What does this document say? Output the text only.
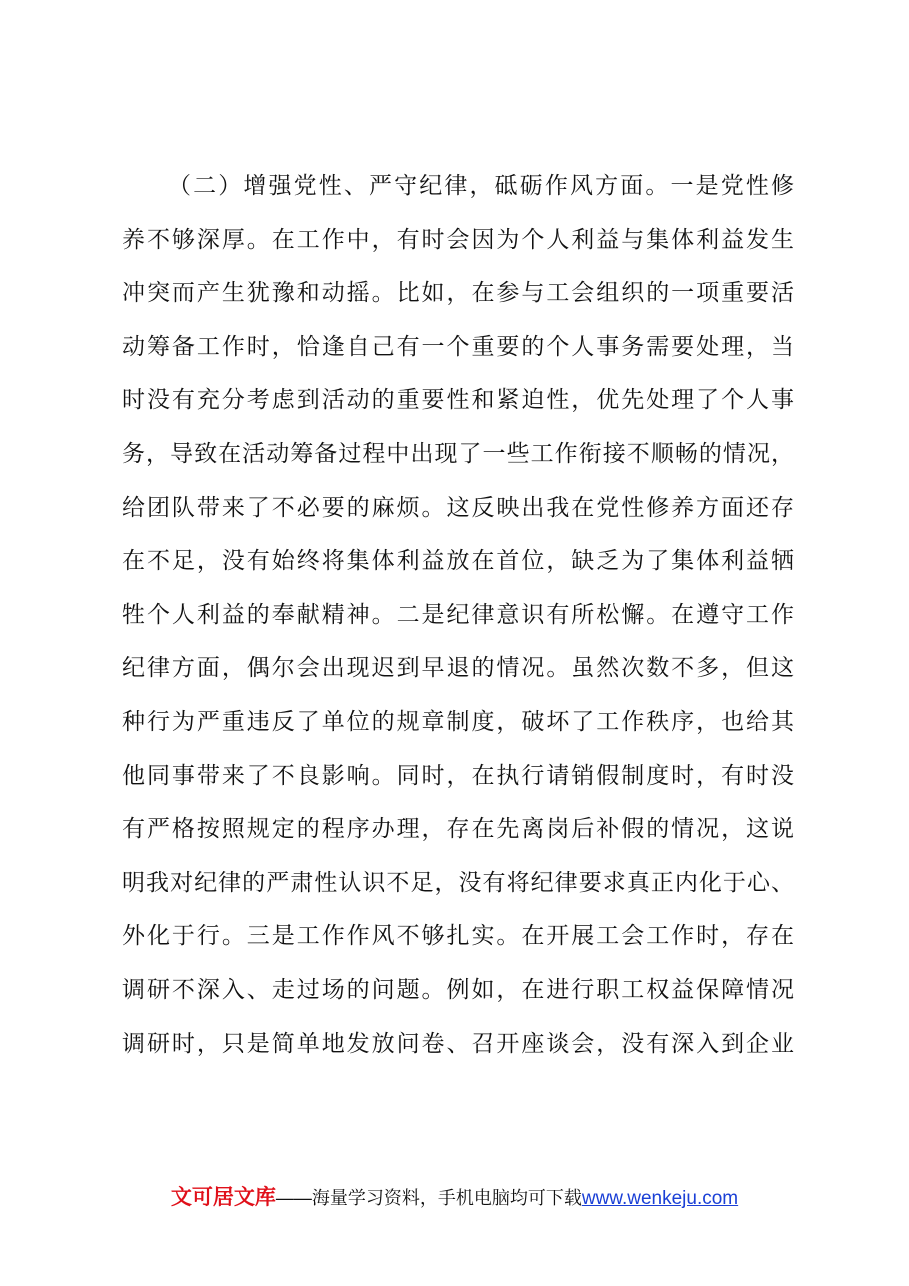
（二）增强党性、严守纪律，砥砺作风方面。一是党性修
养不够深厚。在工作中，有时会因为个人利益与集体利益发生
冲突而产生犹豫和动摇。比如，在参与工会组织的一项重要活
动筹备工作时，恰逢自己有一个重要的个人事务需要处理，当
时没有充分考虑到活动的重要性和紧迫性，优先处理了个人事
务，导致在活动筹备过程中出现了一些工作衔接不顺畅的情况，
给团队带来了不必要的麻烦。这反映出我在党性修养方面还存
在不足，没有始终将集体利益放在首位，缺乏为了集体利益牺
牲个人利益的奉献精神。二是纪律意识有所松懈。在遵守工作
纪律方面，偶尔会出现迟到早退的情况。虽然次数不多，但这
种行为严重违反了单位的规章制度，破坏了工作秩序，也给其
他同事带来了不良影响。同时，在执行请销假制度时，有时没
有严格按照规定的程序办理，存在先离岗后补假的情况，这说
明我对纪律的严肃性认识不足，没有将纪律要求真正内化于心、
外化于行。三是工作作风不够扎实。在开展工会工作时，存在
调研不深入、走过场的问题。例如，在进行职工权益保障情况
调研时，只是简单地发放问卷、召开座谈会，没有深入到企业
文可居文库——海量学习资料，手机电脑均可下载www.wenkeju.com
